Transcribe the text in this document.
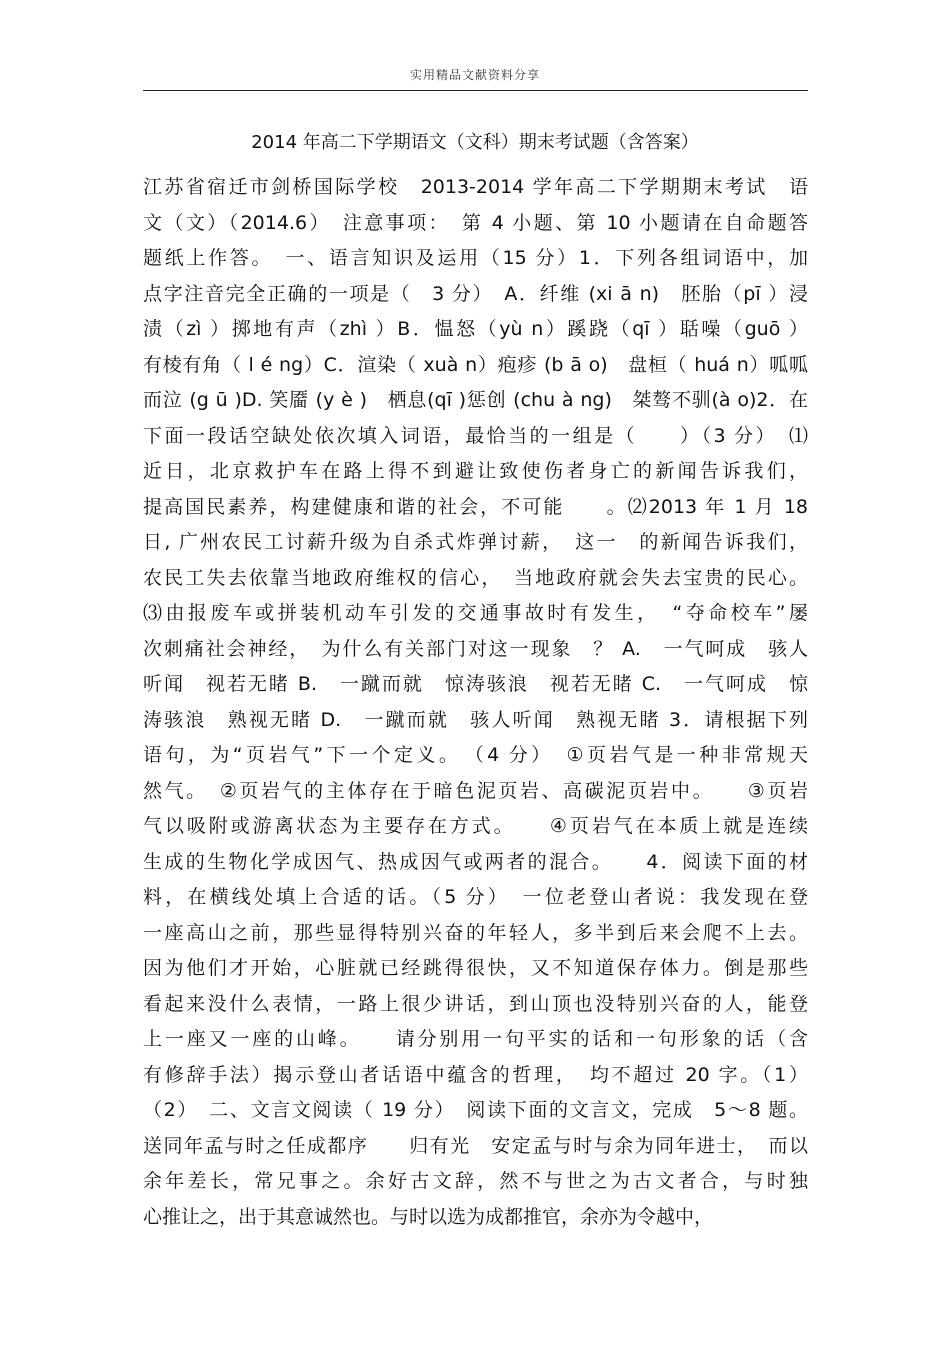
实用精品文献资料分享
2014 年高二下学期语文（文科）期末考试题（含答案）
江苏省宿迁市剑桥国际学校　2013-2014 学年高二下学期期末考试　语
文（文）（2014.6）　注意事项：　第 4 小题、第 10 小题请在自命题答
题纸上作答。　一、语言知识及运用（15 分）1．下列各组词语中，加
点字注音完全正确的一项是（　3 分）　A．纤维 (xi ā n)　胚胎（pī ）浸
渍（zì ）掷地有声（zhì ）B．愠怒（yù n）蹊跷（qī ）聒噪（guō ）
有棱有角（ l é ng）C．渲染（ xuà n）疱疹 (b ā o)　盘桓（ huá n）呱呱
而泣 (g ū )D. 笑靥 (y è )　栖息(qī )惩创 (chu à ng)　桀骜不驯(à o)2．在
下面一段话空缺处依次填入词语，最恰当的一组是（　　）（3 分）　⑴
近日，北京救护车在路上得不到避让致使伤者身亡的新闻告诉我们，
提高国民素养，构建健康和谐的社会，不可能　　。⑵2013 年 1 月 18
日, 广州农民工讨薪升级为自杀式炸弹讨薪，　这一　的新闻告诉我们，
农民工失去依靠当地政府维权的信心，　当地政府就会失去宝贵的民心。
⑶由报废车或拼装机动车引发的交通事故时有发生，　“夺命校车”屡
次刺痛社会神经，　为什么有关部门对这一现象　？ A.　一气呵成　骇人
听闻　视若无睹 B.　一蹴而就　惊涛骇浪　视若无睹 C.　一气呵成　惊
涛骇浪　熟视无睹 D.　一蹴而就　骇人听闻　熟视无睹 3．请根据下列
语句，为“页岩气”下一个定义。　（4 分）　①页岩气是一种非常规天
然气。　②页岩气的主体存在于暗色泥页岩、高碳泥页岩中。　　③页岩
气以吸附或游离状态为主要存在方式。　　④页岩气在本质上就是连续
生成的生物化学成因气、热成因气或两者的混合。　　4．阅读下面的材
料，在横线处填上合适的话。（5 分）　一位老登山者说：我发现在登
一座高山之前，那些显得特别兴奋的年轻人，多半到后来会爬不上去。
因为他们才开始，心脏就已经跳得很快，又不知道保存体力。倒是那些
看起来没什么表情，一路上很少讲话，到山顶也没特别兴奋的人，能登
上一座又一座的山峰。　　请分别用一句平实的话和一句形象的话（含
有修辞手法）揭示登山者话语中蕴含的哲理，　均不超过 20 字。（1）
（2）　二、文言文阅读（ 19 分）　阅读下面的文言文，完成　5～8 题。
送同年孟与时之任成都序　　归有光　安定孟与时与余为同年进士，　而以
余年差长，常兄事之。余好古文辞，然不与世之为古文者合，与时独
心推让之，出于其意诚然也。与时以选为成都推官，余亦为令越中，
